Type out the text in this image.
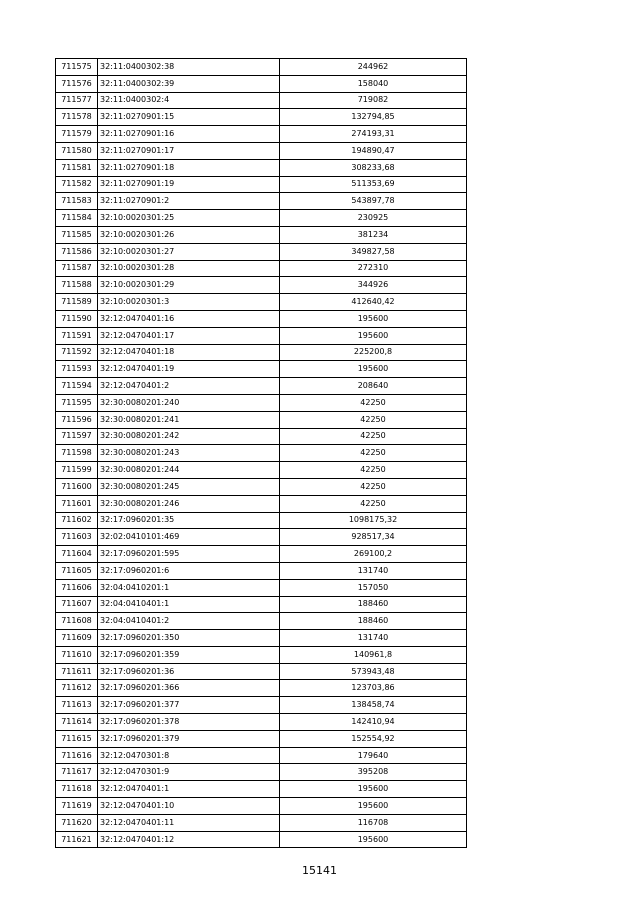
711575	32:11:0400302:38	244962
711576	32:11:0400302:39	158040
711577	32:11:0400302:4	719082
711578	32:11:0270901:15	132794,85
711579	32:11:0270901:16	274193,31
711580	32:11:0270901:17	194890,47
711581	32:11:0270901:18	308233,68
711582	32:11:0270901:19	511353,69
711583	32:11:0270901:2	543897,78
711584	32:10:0020301:25	230925
711585	32:10:0020301:26	381234
711586	32:10:0020301:27	349827,58
711587	32:10:0020301:28	272310
711588	32:10:0020301:29	344926
711589	32:10:0020301:3	412640,42
711590	32:12:0470401:16	195600
711591	32:12:0470401:17	195600
711592	32:12:0470401:18	225200,8
711593	32:12:0470401:19	195600
711594	32:12:0470401:2	208640
711595	32:30:0080201:240	42250
711596	32:30:0080201:241	42250
711597	32:30:0080201:242	42250
711598	32:30:0080201:243	42250
711599	32:30:0080201:244	42250
711600	32:30:0080201:245	42250
711601	32:30:0080201:246	42250
711602	32:17:0960201:35	1098175,32
711603	32:02:0410101:469	928517,34
711604	32:17:0960201:595	269100,2
711605	32:17:0960201:6	131740
711606	32:04:0410201:1	157050
711607	32:04:0410401:1	188460
711608	32:04:0410401:2	188460
711609	32:17:0960201:350	131740
711610	32:17:0960201:359	140961,8
711611	32:17:0960201:36	573943,48
711612	32:17:0960201:366	123703,86
711613	32:17:0960201:377	138458,74
711614	32:17:0960201:378	142410,94
711615	32:17:0960201:379	152554,92
711616	32:12:0470301:8	179640
711617	32:12:0470301:9	395208
711618	32:12:0470401:1	195600
711619	32:12:0470401:10	195600
711620	32:12:0470401:11	116708
711621	32:12:0470401:12	195600
15141
